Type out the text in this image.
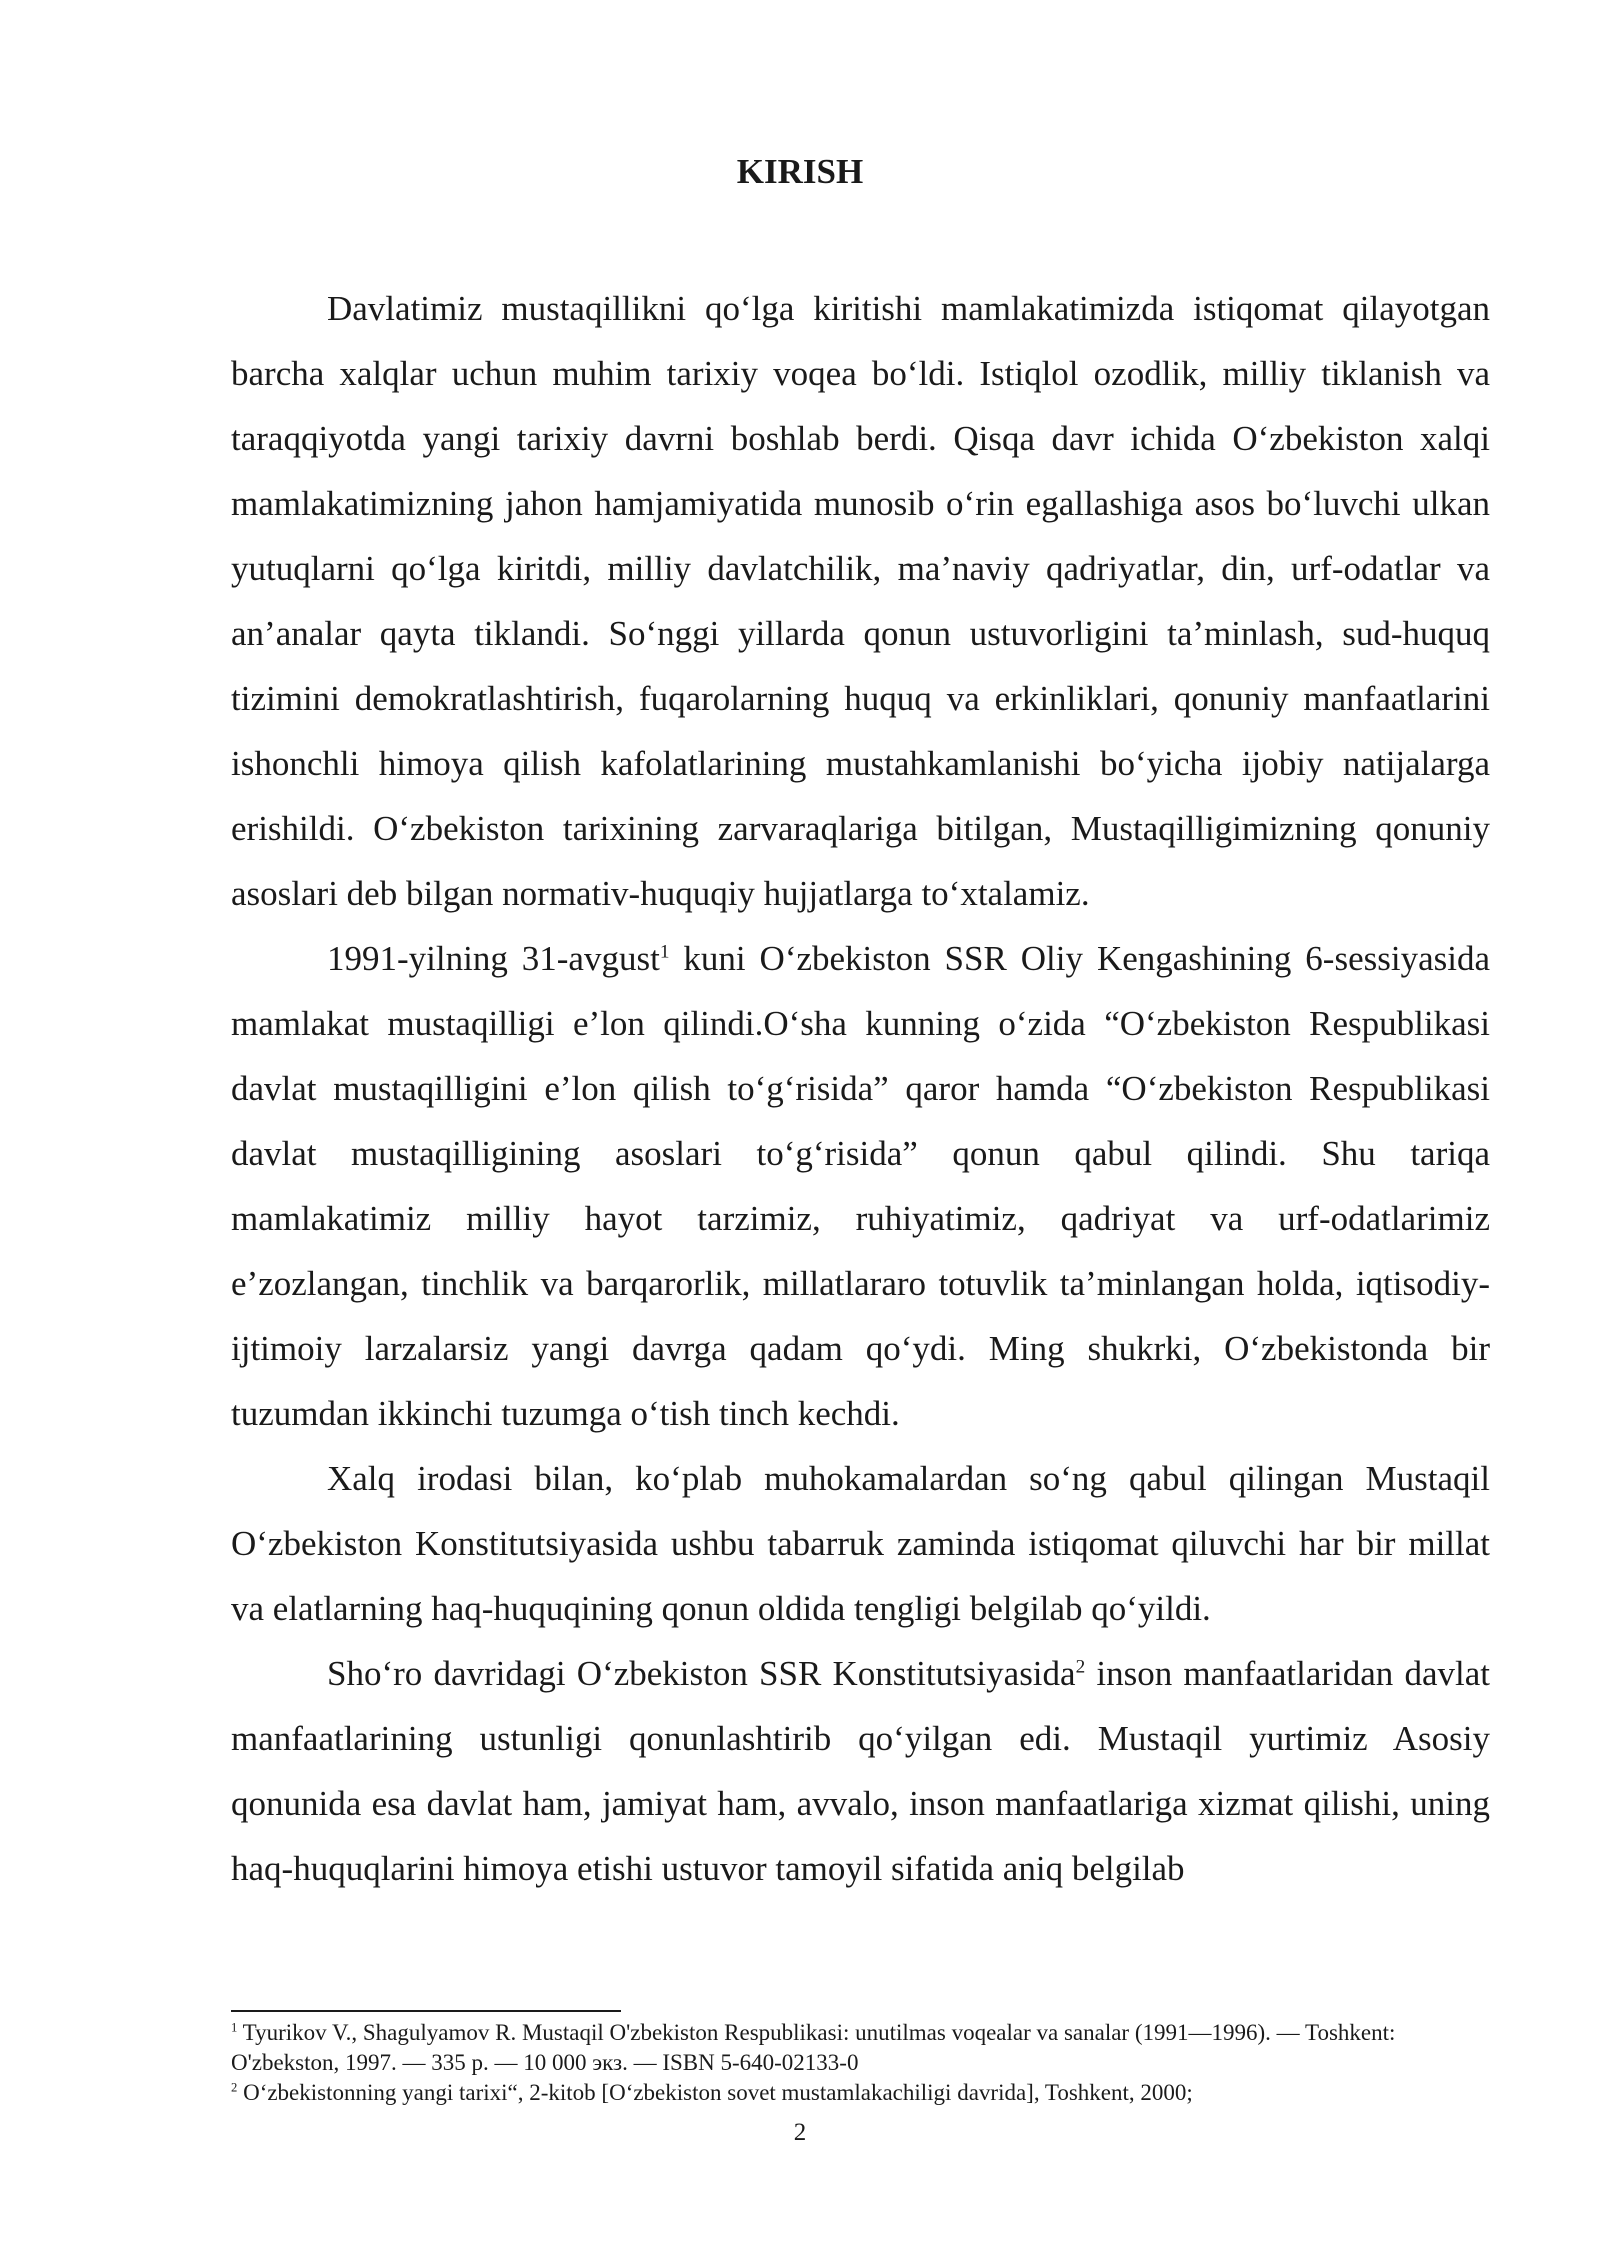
KIRISH

Davlatimiz mustaqillikni qo‘lga kiritishi mamlakatimizda istiqomat qilayotgan barcha xalqlar uchun muhim tarixiy voqea bo‘ldi. Istiqlol ozodlik, milliy tiklanish va taraqqiyotda yangi tarixiy davrni boshlab berdi. Qisqa davr ichida O‘zbekiston xalqi mamlakatimizning jahon hamjamiyatida munosib o‘rin egallashiga asos bo‘luvchi ulkan yutuqlarni qo‘lga kiritdi, milliy davlatchilik, ma’naviy qadriyatlar, din, urf-odatlar va an’analar qayta tiklandi. So‘nggi yillarda qonun ustuvorligini ta’minlash, sud-huquq tizimini demokratlashtirish, fuqarolarning huquq va erkinliklari, qonuniy manfaatlarini ishonchli himoya qilish kafolatlarining mustahkamlanishi bo‘yicha ijobiy natijalarga erishildi. O‘zbekiston tarixining zarvaraqlariga bitilgan, Mustaqilligimizning qonuniy asoslari deb bilgan normativ-huquqiy hujjatlarga to‘xtalamiz.

1991-yilning 31-avgust$^1$ kuni O‘zbekiston SSR Oliy Kengashining 6-sessiyasida mamlakat mustaqilligi e’lon qilindi.O‘sha kunning o‘zida “O‘zbekiston Respublikasi davlat mustaqilligini e’lon qilish to‘g‘risida” qaror hamda “O‘zbekiston Respublikasi davlat mustaqilligining asoslari to‘g‘risida” qonun qabul qilindi. Shu tariqa mamlakatimiz milliy hayot tarzimiz, ruhiyatimiz, qadriyat va urf-odatlarimiz e’zozlangan, tinchlik va barqarorlik, millatlararo totuvlik ta’minlangan holda, iqtisodiy-ijtimoiy larzalarsiz yangi davrga qadam qo‘ydi. Ming shukrki, O‘zbekistonda bir tuzumdan ikkinchi tuzumga o‘tish tinch kechdi.

Xalq irodasi bilan, ko‘plab muhokamalardan so‘ng qabul qilingan Mustaqil O‘zbekiston Konstitutsiyasida ushbu tabarruk zaminda istiqomat qiluvchi har bir millat va elatlarning haq-huquqining qonun oldida tengligi belgilab qo‘yildi.

Sho‘ro davridagi O‘zbekiston SSR Konstitutsiyasida$^2$ inson manfaatlaridan davlat manfaatlarining ustunligi qonunlashtirib qo‘yilgan edi. Mustaqil yurtimiz Asosiy qonunida esa davlat ham, jamiyat ham, avvalo, inson manfaatlariga xizmat qilishi, uning haq-huquqlarini himoya etishi ustuvor tamoyil sifatida aniq belgilab

$^1$ Tyurikov V., Shagulyamov R. Mustaqil O'zbekiston Respublikasi: unutilmas voqealar va sanalar (1991—1996). — Toshkent: O'zbekston, 1997. — 335 р. — 10 000 экз. — ISBN 5-640-02133-0

$^2$ O‘zbekistonning yangi tarixi“, 2-kitob [O‘zbekiston sovet mustamlakachiligi davrida], Toshkent, 2000;

2
